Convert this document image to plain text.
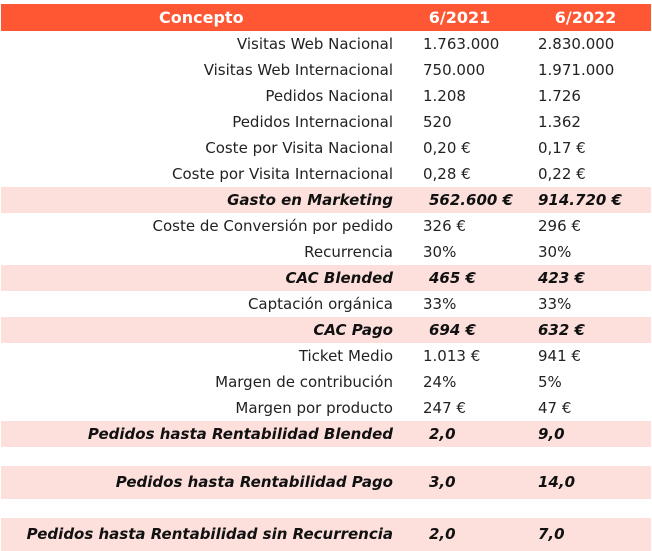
Concepto	6/2021	6/2022
Visitas Web Nacional	1.763.000	2.830.000
Visitas Web Internacional	750.000	1.971.000
Pedidos Nacional	1.208	1.726
Pedidos Internacional	520	1.362
Coste por Visita Nacional	0,20 €	0,17 €
Coste por Visita Internacional	0,28 €	0,22 €
Gasto en Marketing	562.600 €	914.720 €
Coste de Conversión por pedido	326 €	296 €
Recurrencia	30%	30%
CAC Blended	465 €	423 €
Captación orgánica	33%	33%
CAC Pago	694 €	632 €
Ticket Medio	1.013 €	941 €
Margen de contribución	24%	5%
Margen por producto	247 €	47 €
Pedidos hasta Rentabilidad Blended	2,0	9,0

Pedidos hasta Rentabilidad Pago	3,0	14,0

Pedidos hasta Rentabilidad sin Recurrencia	2,0	7,0
